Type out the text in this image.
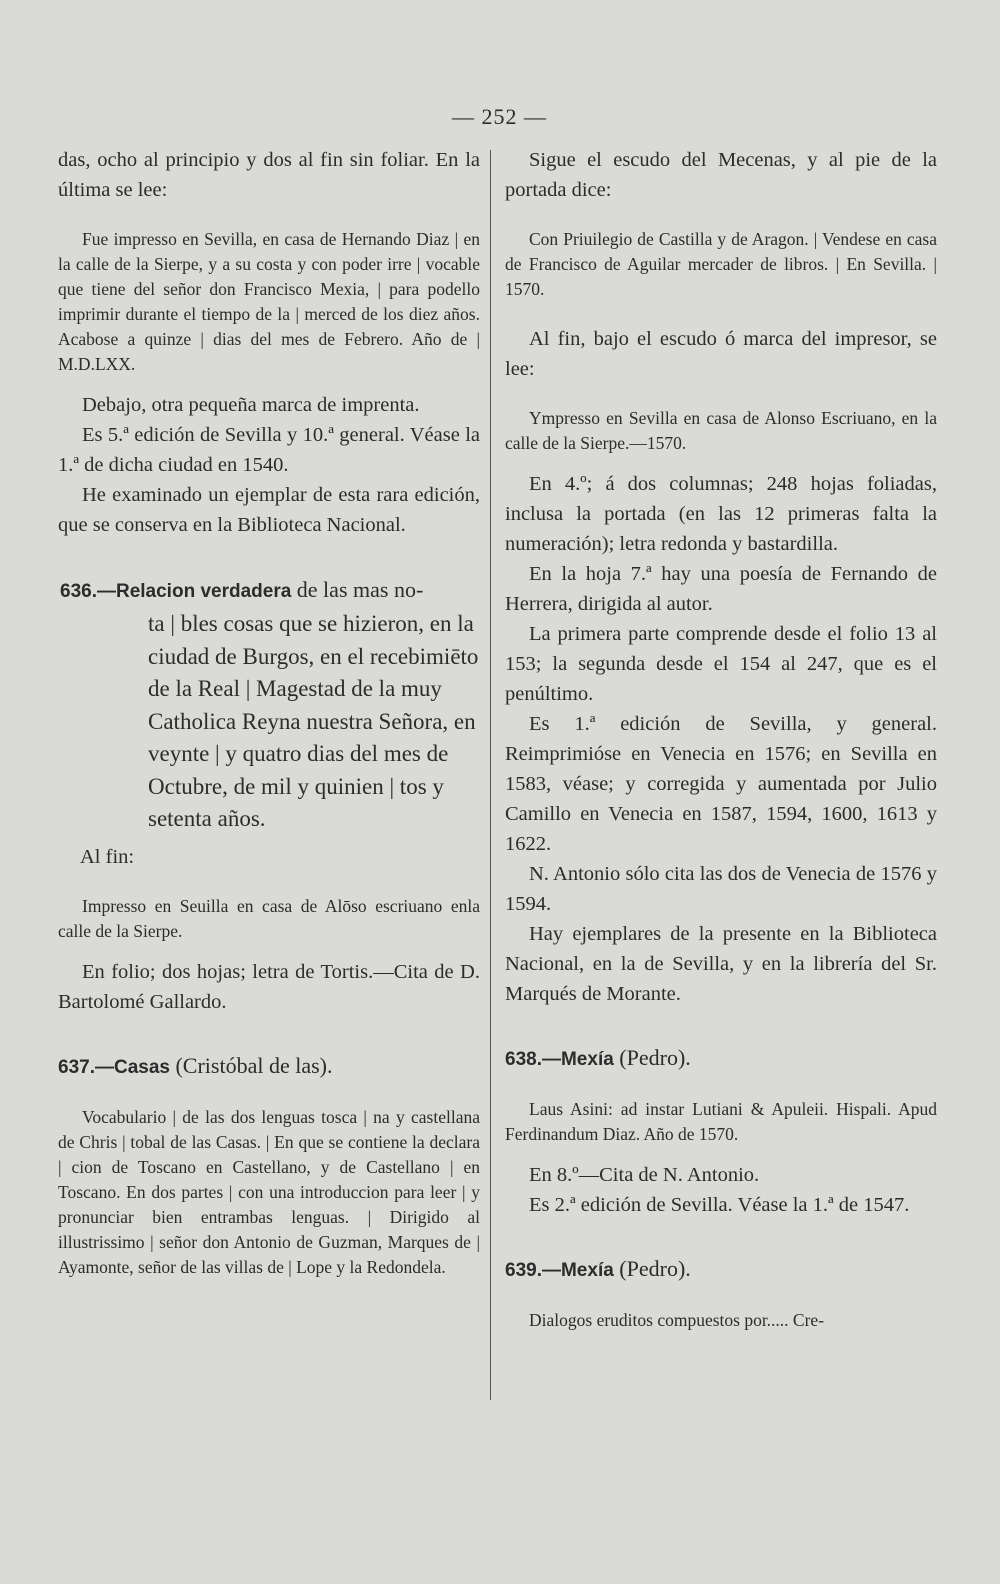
— 252 —

das, ocho al principio y dos al fin sin foliar. En la última se lee:

Fue impresso en Sevilla, en casa de Hernando Diaz | en la calle de la Sierpe, y a su costa y con poder irre | vocable que tiene del señor don Francisco Mexia, | para podello imprimir durante el tiempo de la | merced de los diez años. Acabose a quinze | dias del mes de Febrero. Año de | M.D.LXX.

Debajo, otra pequeña marca de imprenta.

Es 5.ª edición de Sevilla y 10.ª general. Véase la 1.ª de dicha ciudad en 1540.

He examinado un ejemplar de esta rara edición, que se conserva en la Biblioteca Nacional.

636.—Relacion verdadera de las mas no-

ta | bles cosas que se hizieron, en la ciudad de Burgos, en el recebimiēto de la Real | Magestad de la muy Catholica Reyna nuestra Señora, en veynte | y quatro dias del mes de Octubre, de mil y quinien | tos y setenta años.

Al fin:

Impresso en Seuilla en casa de Alōso escriuano enla calle de la Sierpe.

En folio; dos hojas; letra de Tortis.—Cita de D. Bartolomé Gallardo.

637.—Casas (Cristóbal de las).

Vocabulario | de las dos lenguas tosca | na y castellana de Chris | tobal de las Casas. | En que se contiene la declara | cion de Toscano en Castellano, y de Castellano | en Toscano. En dos partes | con una introduccion para leer | y pronunciar bien entrambas lenguas. | Dirigido al illustrissimo | señor don Antonio de Guzman, Marques de | Ayamonte, señor de las villas de | Lope y la Redondela.

Sigue el escudo del Mecenas, y al pie de la portada dice:

Con Priuilegio de Castilla y de Aragon. | Vendese en casa de Francisco de Aguilar mercader de libros. | En Sevilla. | 1570.

Al fin, bajo el escudo ó marca del impresor, se lee:

Ympresso en Sevilla en casa de Alonso Escriuano, en la calle de la Sierpe.—1570.

En 4.º; á dos columnas; 248 hojas foliadas, inclusa la portada (en las 12 primeras falta la numeración); letra redonda y bastardilla.

En la hoja 7.ª hay una poesía de Fernando de Herrera, dirigida al autor.

La primera parte comprende desde el folio 13 al 153; la segunda desde el 154 al 247, que es el penúltimo.

Es 1.ª edición de Sevilla, y general. Reimprimióse en Venecia en 1576; en Sevilla en 1583, véase; y corregida y aumentada por Julio Camillo en Venecia en 1587, 1594, 1600, 1613 y 1622.

N. Antonio sólo cita las dos de Venecia de 1576 y 1594.

Hay ejemplares de la presente en la Biblioteca Nacional, en la de Sevilla, y en la librería del Sr. Marqués de Morante.

638.—Mexía (Pedro).

Laus Asini: ad instar Lutiani & Apuleii. Hispali. Apud Ferdinandum Diaz. Año de 1570.

En 8.º—Cita de N. Antonio.

Es 2.ª edición de Sevilla. Véase la 1.ª de 1547.

639.—Mexía (Pedro).

Dialogos eruditos compuestos por..... Cre-
